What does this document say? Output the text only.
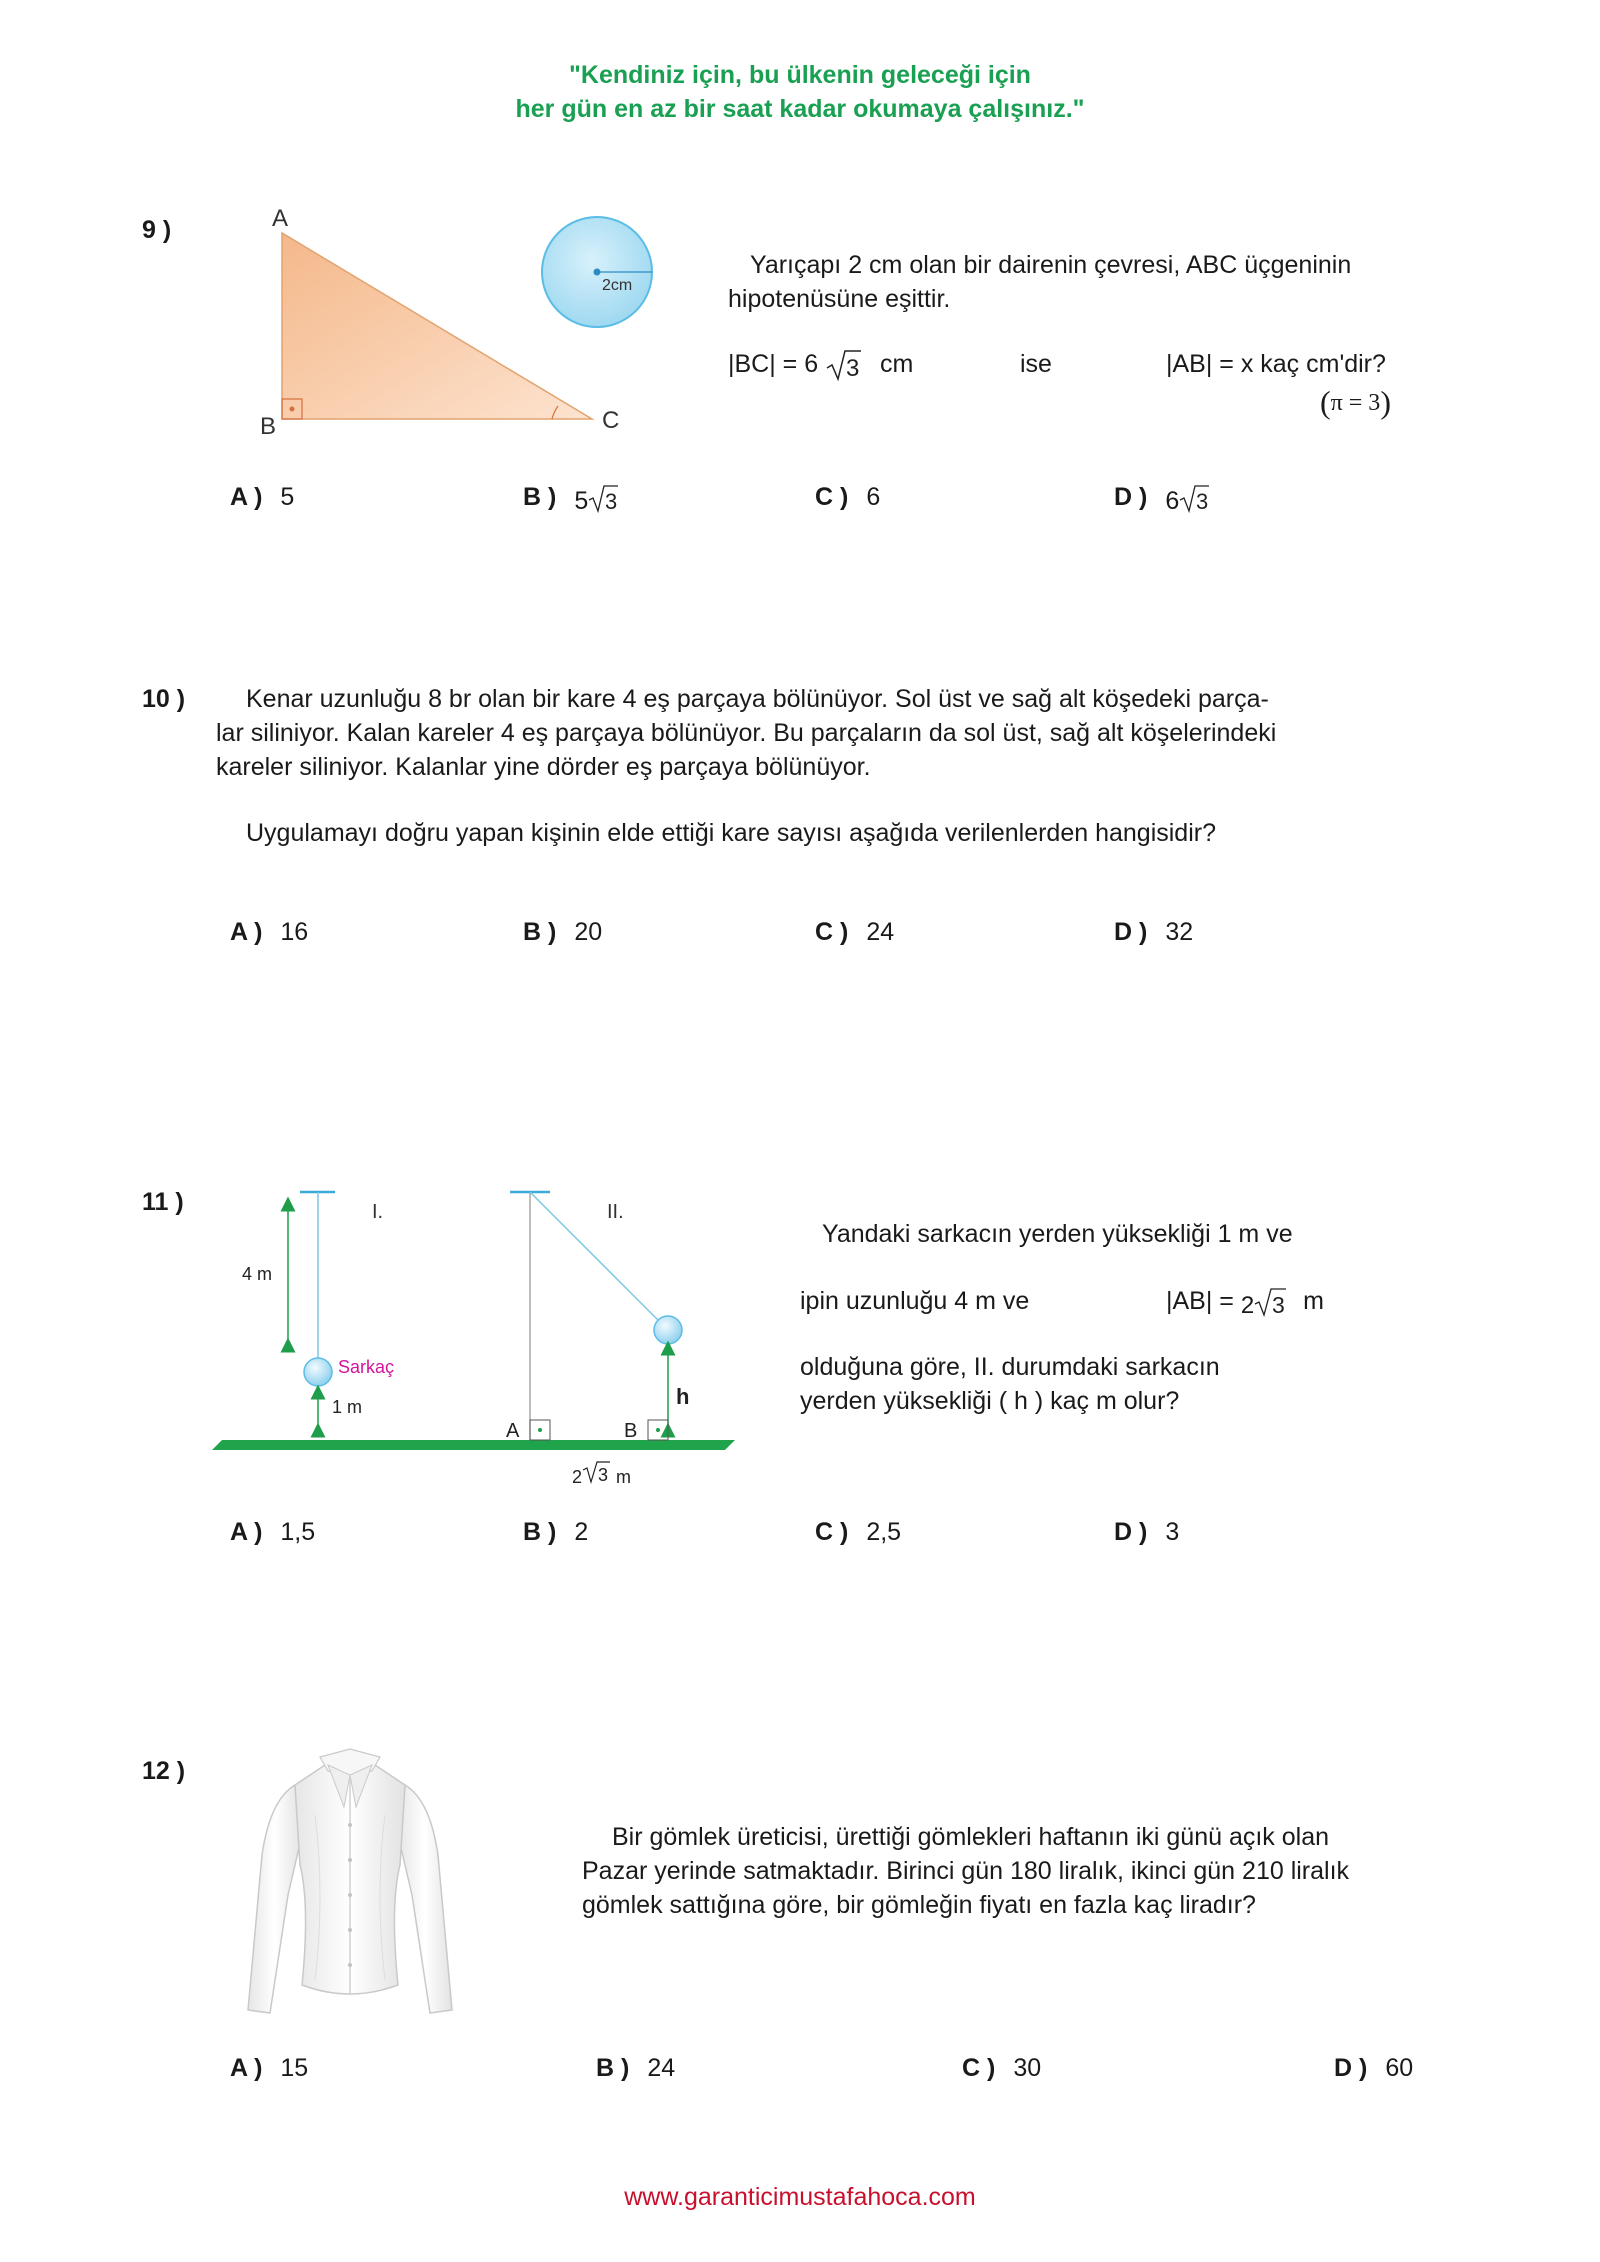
"Kendiniz için, bu ülkenin geleceği için
her gün en az bir saat kadar okumaya çalışınız."
9 )	A
B	C
2cm
Yarıçapı 2 cm olan bir dairenin çevresi, ABC üçgeninin
hipotenüsüne eşittir.
|BC| = 6 3 cm	ise	|AB| = x kaç cm'dir?
(π = 3)
A ) 5	B ) 5 3	C ) 6	D ) 6 3
10 ) Kenar uzunluğu 8 br olan bir kare 4 eş parçaya bölünüyor. Sol üst ve sağ alt köşedeki parça-
lar siliniyor. Kalan kareler 4 eş parçaya bölünüyor. Bu parçaların da sol üst, sağ alt köşelerindeki
kareler siliniyor. Kalanlar yine dörder eş parçaya bölünüyor.
Uygulamayı doğru yapan kişinin elde ettiği kare sayısı aşağıda verilenlerden hangisidir?
A ) 16	B ) 20	C ) 24	D ) 32
11 )
4 m
Sarkaç
1 m
I.
A	B
h
II.
2 3 m
Yandaki sarkacın yerden yüksekliği 1 m ve
ipin uzunluğu 4 m ve	|AB| = 2 3 m
olduğuna göre, II. durumdaki sarkacın
yerden yüksekliği ( h ) kaç m olur?
A ) 1,5	B ) 2	C ) 2,5	D ) 3
12 )
Bir gömlek üreticisi, ürettiği gömlekleri haftanın iki günü açık olan
Pazar yerinde satmaktadır. Birinci gün 180 liralık, ikinci gün 210 liralık
gömlek sattığına göre, bir gömleğin fiyatı en fazla kaç liradır?
A ) 15	B ) 24	C ) 30	D ) 60
www.garanticimustafahoca.com
